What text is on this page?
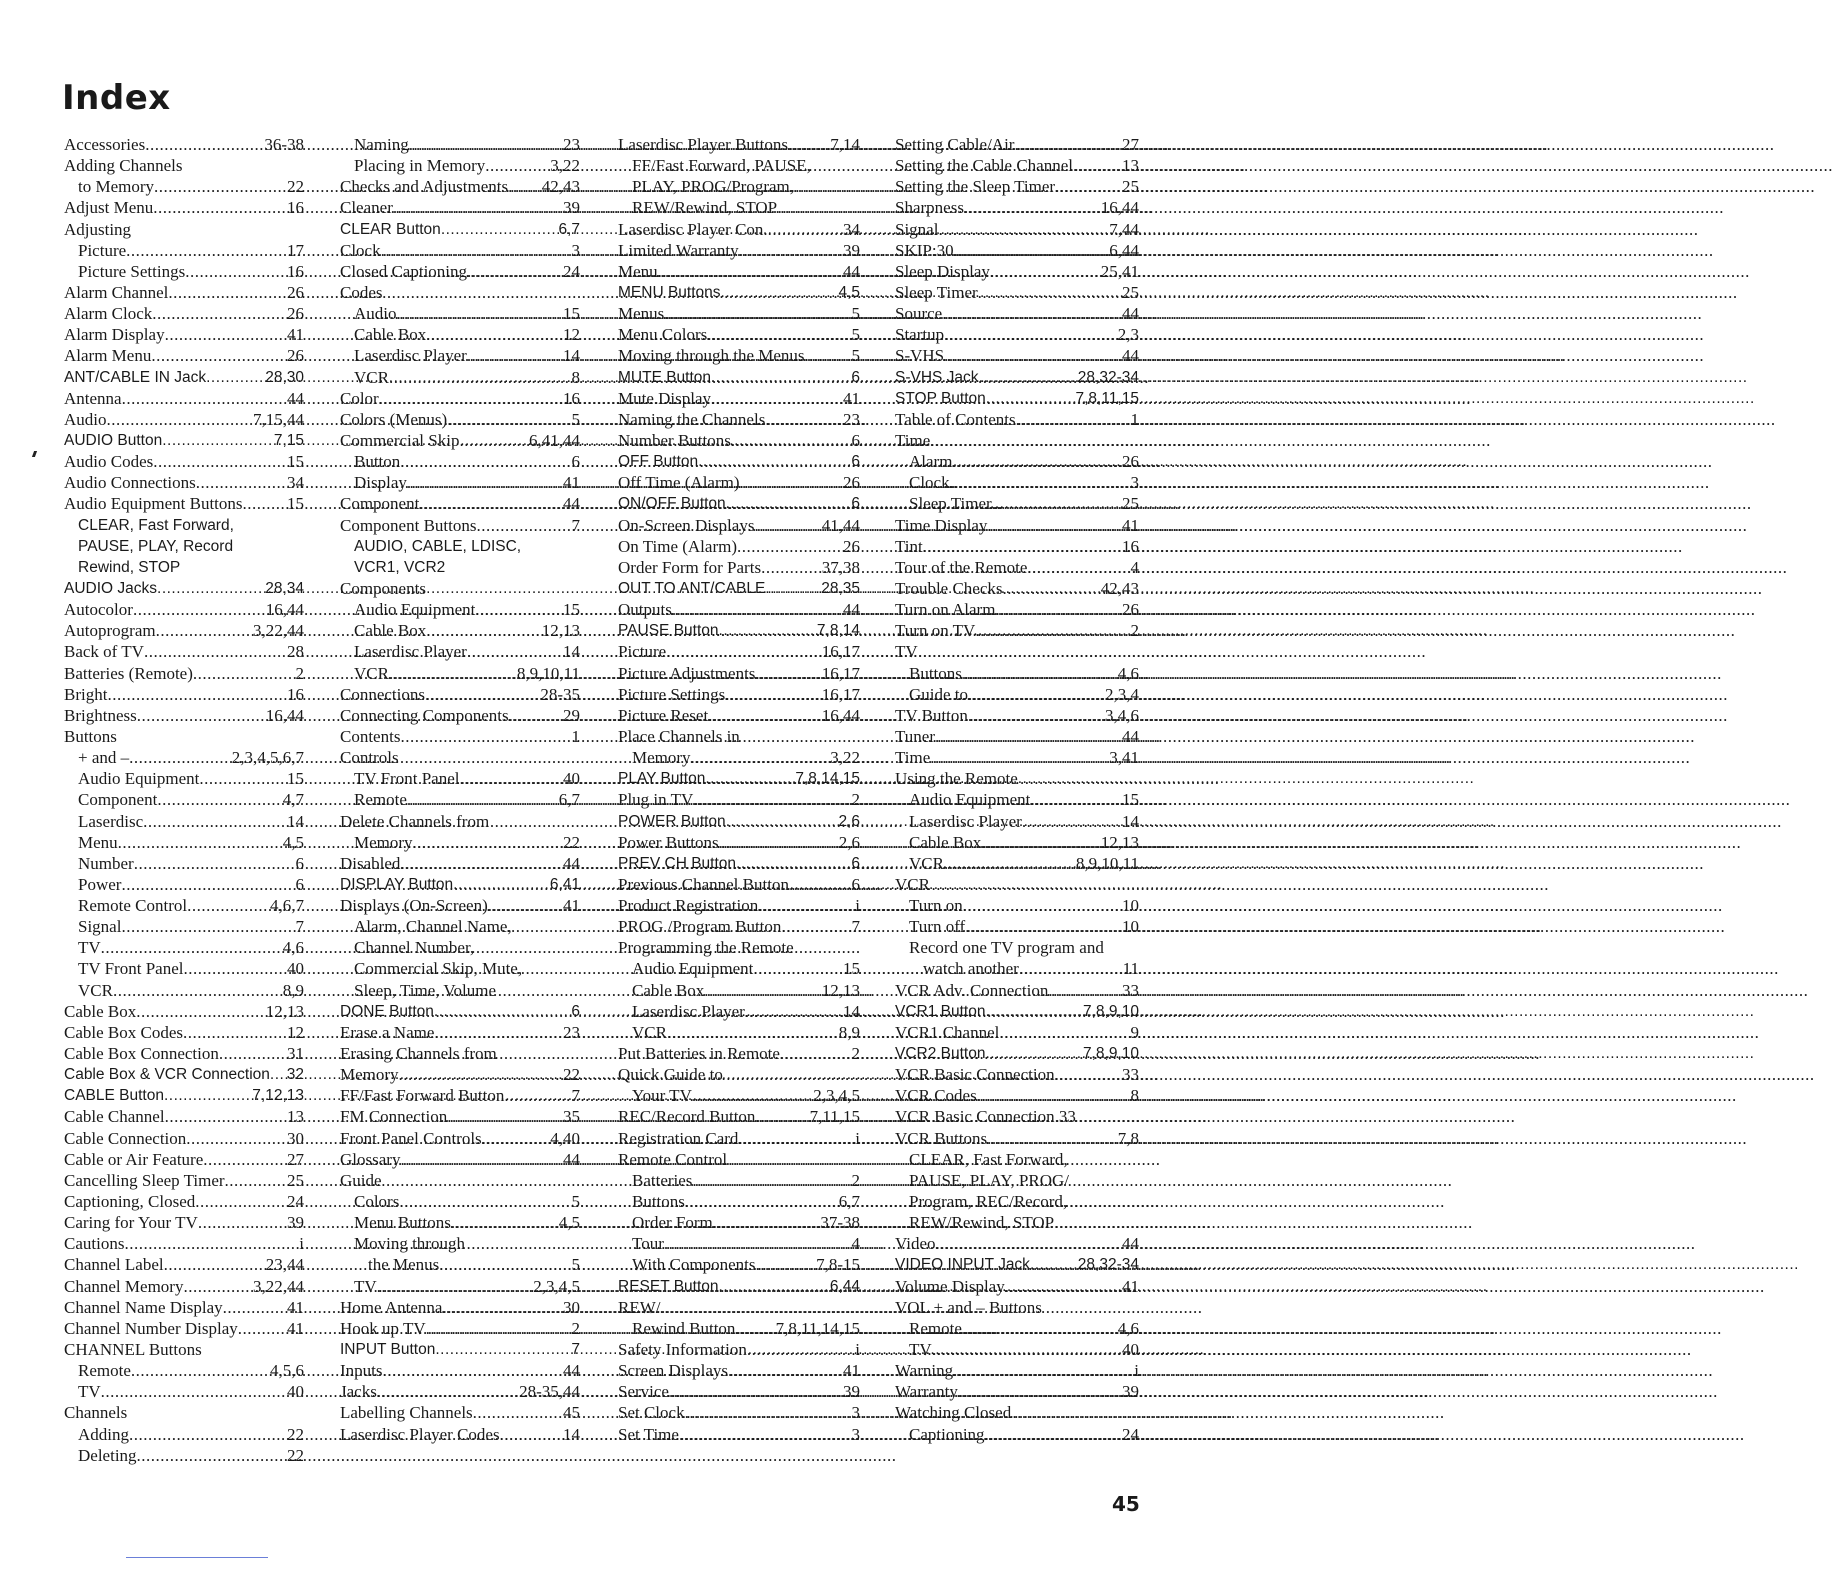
Index
Accessories .....	36-38
Adding Channels
to Memory .....	22
Adjust Menu .....	16
Adjusting
Picture .....	17
Picture Settings .....	16
Alarm Channel .....	26
Alarm Clock .....	26
Alarm Display .....	41
Alarm Menu .....	26
ANT/CABLE IN Jack .....	28,30
Antenna .....	44
Audio .....	7,15,44
AUDIO Button .....	7,15
Audio Codes .....	15
Audio Connections .....	34
Audio Equipment Buttons .....	15
CLEAR, Fast Forward,
PAUSE, PLAY, Record
Rewind, STOP
AUDIO Jacks .....	28,34
Autocolor .....	16,44
Autoprogram .....	3,22,44
Back of TV .....	28
Batteries (Remote) .....	2
Bright .....	16
Brightness .....	16,44
Buttons
+ and – .....	2,3,4,5,6,7
Audio Equipment .....	15
Component .....	4,7
Laserdisc .....	14
Menu .....	4,5
Number .....	6
Power .....	6
Remote Control .....	4,6,7
Signal .....	7
TV .....	4,6
TV Front Panel .....	40
VCR .....	8,9
Cable Box .....	12,13
Cable Box Codes .....	12
Cable Box Connection .....	31
Cable Box & VCR Connection ..... 32
CABLE Button .....	7,12,13
Cable Channel .....	13
Cable Connection .....	30
Cable or Air Feature .....	27
Cancelling Sleep Timer .....	25
Captioning, Closed .....	24
Caring for Your TV .....	39
Cautions .....	i
Channel Label .....	23,44
Channel Memory .....	3,22,44
Channel Name Display .....	41
Channel Number Display .....	41
CHANNEL Buttons
Remote .....	4,5,6
TV .....	40
Channels
Adding .....	22
Deleting .....	22
Naming .....	23
Placing in Memory .....	3,22
Checks and Adjustments ..... 42,43
Cleaner .....	39
CLEAR Button .....	6,7
Clock .....	3
Closed Captioning .....	24
Codes
Audio .....	15
Cable Box .....	12
Laserdisc Player .....	14
VCR .....	8
Color .....	16
Colors (Menus) .....	5
Commercial Skip .....	6,41,44
Button .....	6
Display .....	41
Component .....	44
Component Buttons .....	7
AUDIO, CABLE, LDISC,
VCR1, VCR2
Components
Audio Equipment .....	15
Cable Box .....	12,13
Laserdisc Player .....	14
VCR .....	8,9,10,11
Connections .....	28-35
Connecting Components .....	29
Contents .....	1
Controls
TV Front Panel .....	40
Remote .....	6,7
Delete Channels from
Memory .....	22
Disabled .....	44
DISPLAY Button .....	6,41
Displays (On-Screen) .....	41
Alarm, Channel Name,
Channel Number,
Commercial Skip, Mute,
Sleep, Time, Volume
DONE Button .....	6
Erase a Name .....	23
Erasing Channels from
Memory .....	22
FF/Fast Forward Button .....	7
FM Connection .....	35
Front Panel Controls .....	4,40
Glossary .....	44
Guide
Colors .....	5
Menu Buttons .....	4,5
Moving through
the Menus .....	5
TV .....	2,3,4,5
Home Antenna .....	30
Hook up TV .....	2
INPUT Button .....	7
Inputs .....	44
Jacks .....	28-35,44
Labelling Channels .....	45
Laserdisc Player Codes .....	14
Laserdisc Player Buttons ..... 7,14
FF/Fast Forward, PAUSE,
PLAY, PROG/Program,
REW/Rewind, STOP
Laserdisc Player Con. .....	34
Limited Warranty .....	39
Menu .....	44
MENU Buttons .....	4,5
Menus .....	5
Menu Colors .....	5
Moving through the Menus .....	5
MUTE Button .....	6
Mute Display .....	41
Naming the Channels .....	23
Number Buttons .....	6
OFF Button .....	6
Off Time (Alarm) .....	26
ON/OFF Button .....	6
On-Screen Displays .....	41,44
On Time (Alarm) .....	26
Order Form for Parts .....	37,38
OUT TO ANT/CABLE .....	28,35
Outputs .....	44
PAUSE Button .....	7,8,14
Picture .....	16,17
Picture Adjustments .....	16,17
Picture Settings .....	16,17
Picture Reset .....	16,44
Place Channels in
Memory .....	3,22
PLAY Button .....	7,8,14,15
Plug in TV .....	2
POWER Button .....	2,6
Power Buttons .....	2,6
PREV CH Button .....	6
Previous Channel Button .....	6
Product Registration .....	i
PROG /Program Button .....	7
Programming the Remote
Audio Equipment .....	15
Cable Box .....	12,13
Laserdisc Player .....	14
VCR .....	8,9
Put Batteries in Remote .....	2
Quick Guide to
Your TV .....	2,3,4,5
REC/Record Button .....	7,11,15
Registration Card .....	i
Remote Control
Batteries .....	2
Buttons .....	6,7
Order Form .....	37-38
Tour .....	4
With Components .....	7,8-15
RESET Button .....	6,44
REW/
Rewind Button ..... 7,8,11,14,15
Safety Information .....	i
Screen Displays .....	41
Service .....	39
Set Clock .....	3
Set Time .....	3
Setting Cable/Air .....	27
Setting the Cable Channel .....	13
Setting the Sleep Timer .....	25
Sharpness .....	16,44
Signal .....	7,44
SKIP:30 .....	6,44
Sleep Display .....	25,41
Sleep Timer .....	25
Source .....	44
Startup .....	2,3
S-VHS .....	44
S-VHS Jack .....	28,32-34
STOP Button .....	7,8,11,15
Table of Contents .....	1
Time
Alarm .....	26
Clock .....	3
Sleep Timer .....	25
Time Display .....	41
Tint .....	16
Tour of the Remote .....	4
Trouble Checks .....	42,43
Turn on Alarm .....	26
Turn on TV .....	2
TV
Buttons .....	4,6
Guide to .....	2,3,4
TV Button .....	3,4,6
Tuner .....	44
Time .....	3,41
Using the Remote
Audio Equipment .....	15
Laserdisc Player .....	14
Cable Box .....	12,13
VCR .....	8,9,10,11
VCR
Turn on .....	10
Turn off .....	10
Record one TV program and
watch another .....	11
VCR Adv. Connection .....	33
VCR1 Button .....	7,8,9,10
VCR1 Channel .....	9
VCR2 Button .....	7,8,9,10
VCR Basic Connection .....	33
VCR Codes .....	8
VCR Basic Connection 33
VCR Buttons .....	7,8
CLEAR, Fast Forward,
PAUSE, PLAY, PROG/
Program, REC/Record,
REW/Rewind, STOP
Video .....	44
VIDEO INPUT Jack .....	28,32-34
Volume Display .....	41
VOL + and – Buttons
Remote .....	4,6
TV .....	40
Warning .....	i
Warranty .....	39
Watching Closed
Captioning .....	24
45
